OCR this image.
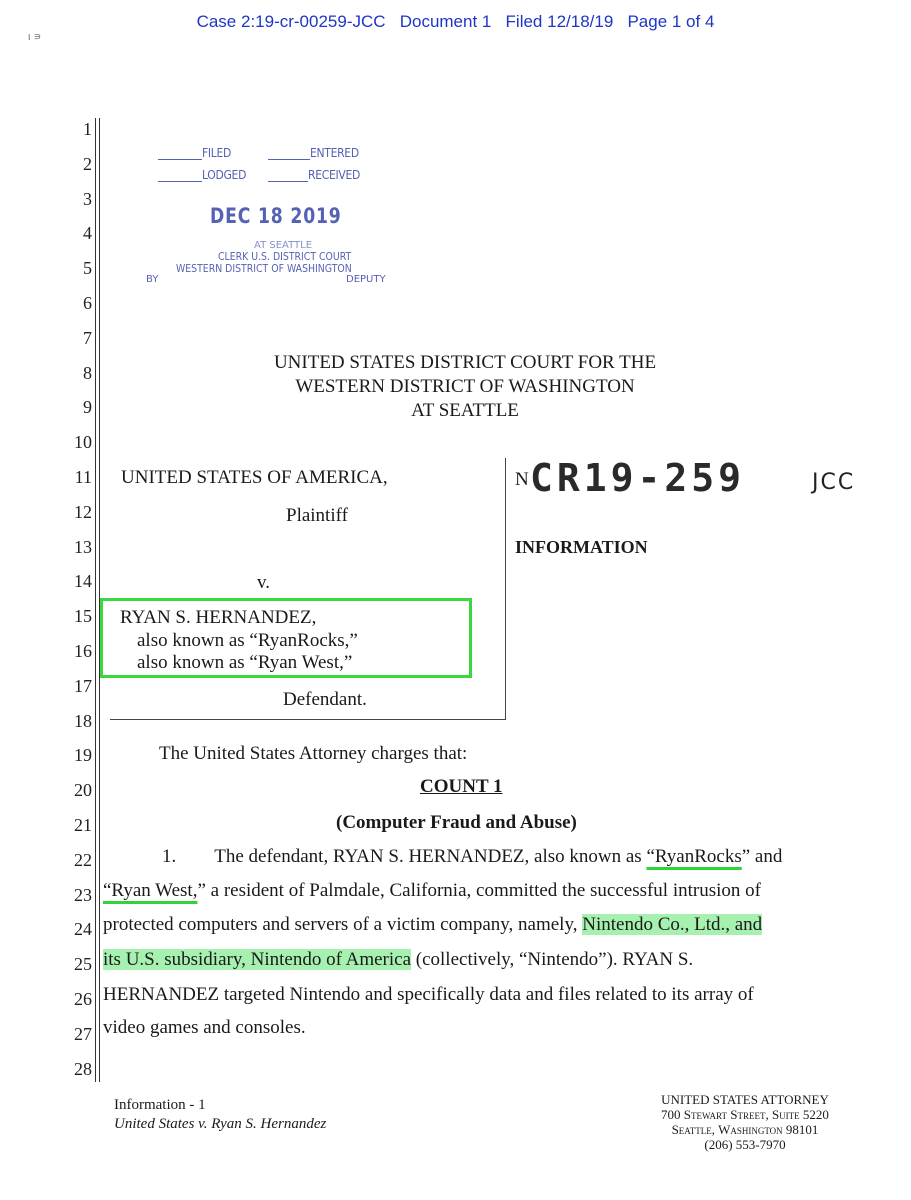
Case 2:19-cr-00259-JCC   Document 1   Filed 12/18/19   Page 1 of 4
ι ∍
1
2
3
4
5
6
7
8
9
10
11
12
13
14
15
16
17
18
19
20
21
22
23
24
25
26
27
28
FILED	ENTERED
LODGED	RECEIVED
DEC 18 2019
AT SEATTLE
CLERK U.S. DISTRICT COURT
WESTERN DISTRICT OF WASHINGTON
BY	DEPUTY
UNITED STATES DISTRICT COURT FOR THE
WESTERN DISTRICT OF WASHINGTON
AT SEATTLE
UNITED STATES OF AMERICA,
Plaintiff
v.
RYAN S. HERNANDEZ,
also known as “RyanRocks,”
also known as “Ryan West,”
Defendant.
N CR19-259	JCC
INFORMATION
The United States Attorney charges that:
COUNT 1
(Computer Fraud and Abuse)
1. The defendant, RYAN S. HERNANDEZ, also known as “RyanRocks” and
“Ryan West,” a resident of Palmdale, California, committed the successful intrusion of
protected computers and servers of a victim company, namely, Nintendo Co., Ltd., and
its U.S. subsidiary, Nintendo of America (collectively, “Nintendo”). RYAN S.
HERNANDEZ targeted Nintendo and specifically data and files related to its array of
video games and consoles.
Information - 1
United States v. Ryan S. Hernandez
UNITED STATES ATTORNEY
700 Stewart Street, Suite 5220
Seattle, Washington 98101
(206) 553-7970
